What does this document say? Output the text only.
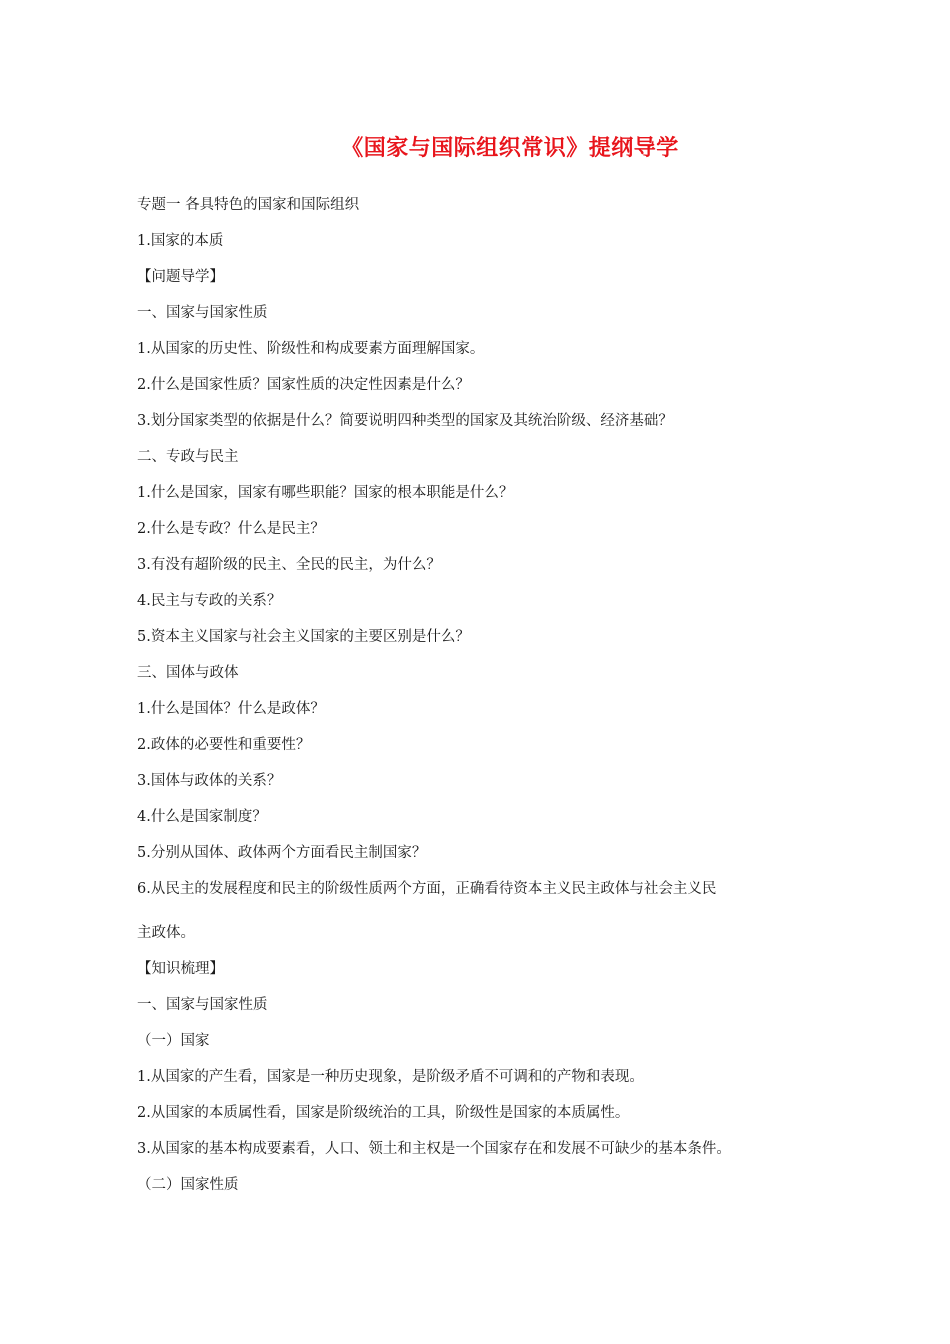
《国家与国际组织常识》提纲导学
专题一 各具特色的国家和国际组织
1.国家的本质
【问题导学】
一、国家与国家性质
1.从国家的历史性、阶级性和构成要素方面理解国家。
2.什么是国家性质？国家性质的决定性因素是什么？
3.划分国家类型的依据是什么？简要说明四种类型的国家及其统治阶级、经济基础？
二、专政与民主
1.什么是国家，国家有哪些职能？国家的根本职能是什么？
2.什么是专政？什么是民主？
3.有没有超阶级的民主、全民的民主，为什么？
4.民主与专政的关系？
5.资本主义国家与社会主义国家的主要区别是什么？
三、国体与政体
1.什么是国体？什么是政体？
2.政体的必要性和重要性？
3.国体与政体的关系？
4.什么是国家制度？
5.分别从国体、政体两个方面看民主制国家？
6.从民主的发展程度和民主的阶级性质两个方面，正确看待资本主义民主政体与社会主义民
主政体。
【知识梳理】
一、国家与国家性质
（一）国家
1.从国家的产生看，国家是一种历史现象，是阶级矛盾不可调和的产物和表现。
2.从国家的本质属性看，国家是阶级统治的工具，阶级性是国家的本质属性。
3.从国家的基本构成要素看，人口、领土和主权是一个国家存在和发展不可缺少的基本条件。
（二）国家性质
